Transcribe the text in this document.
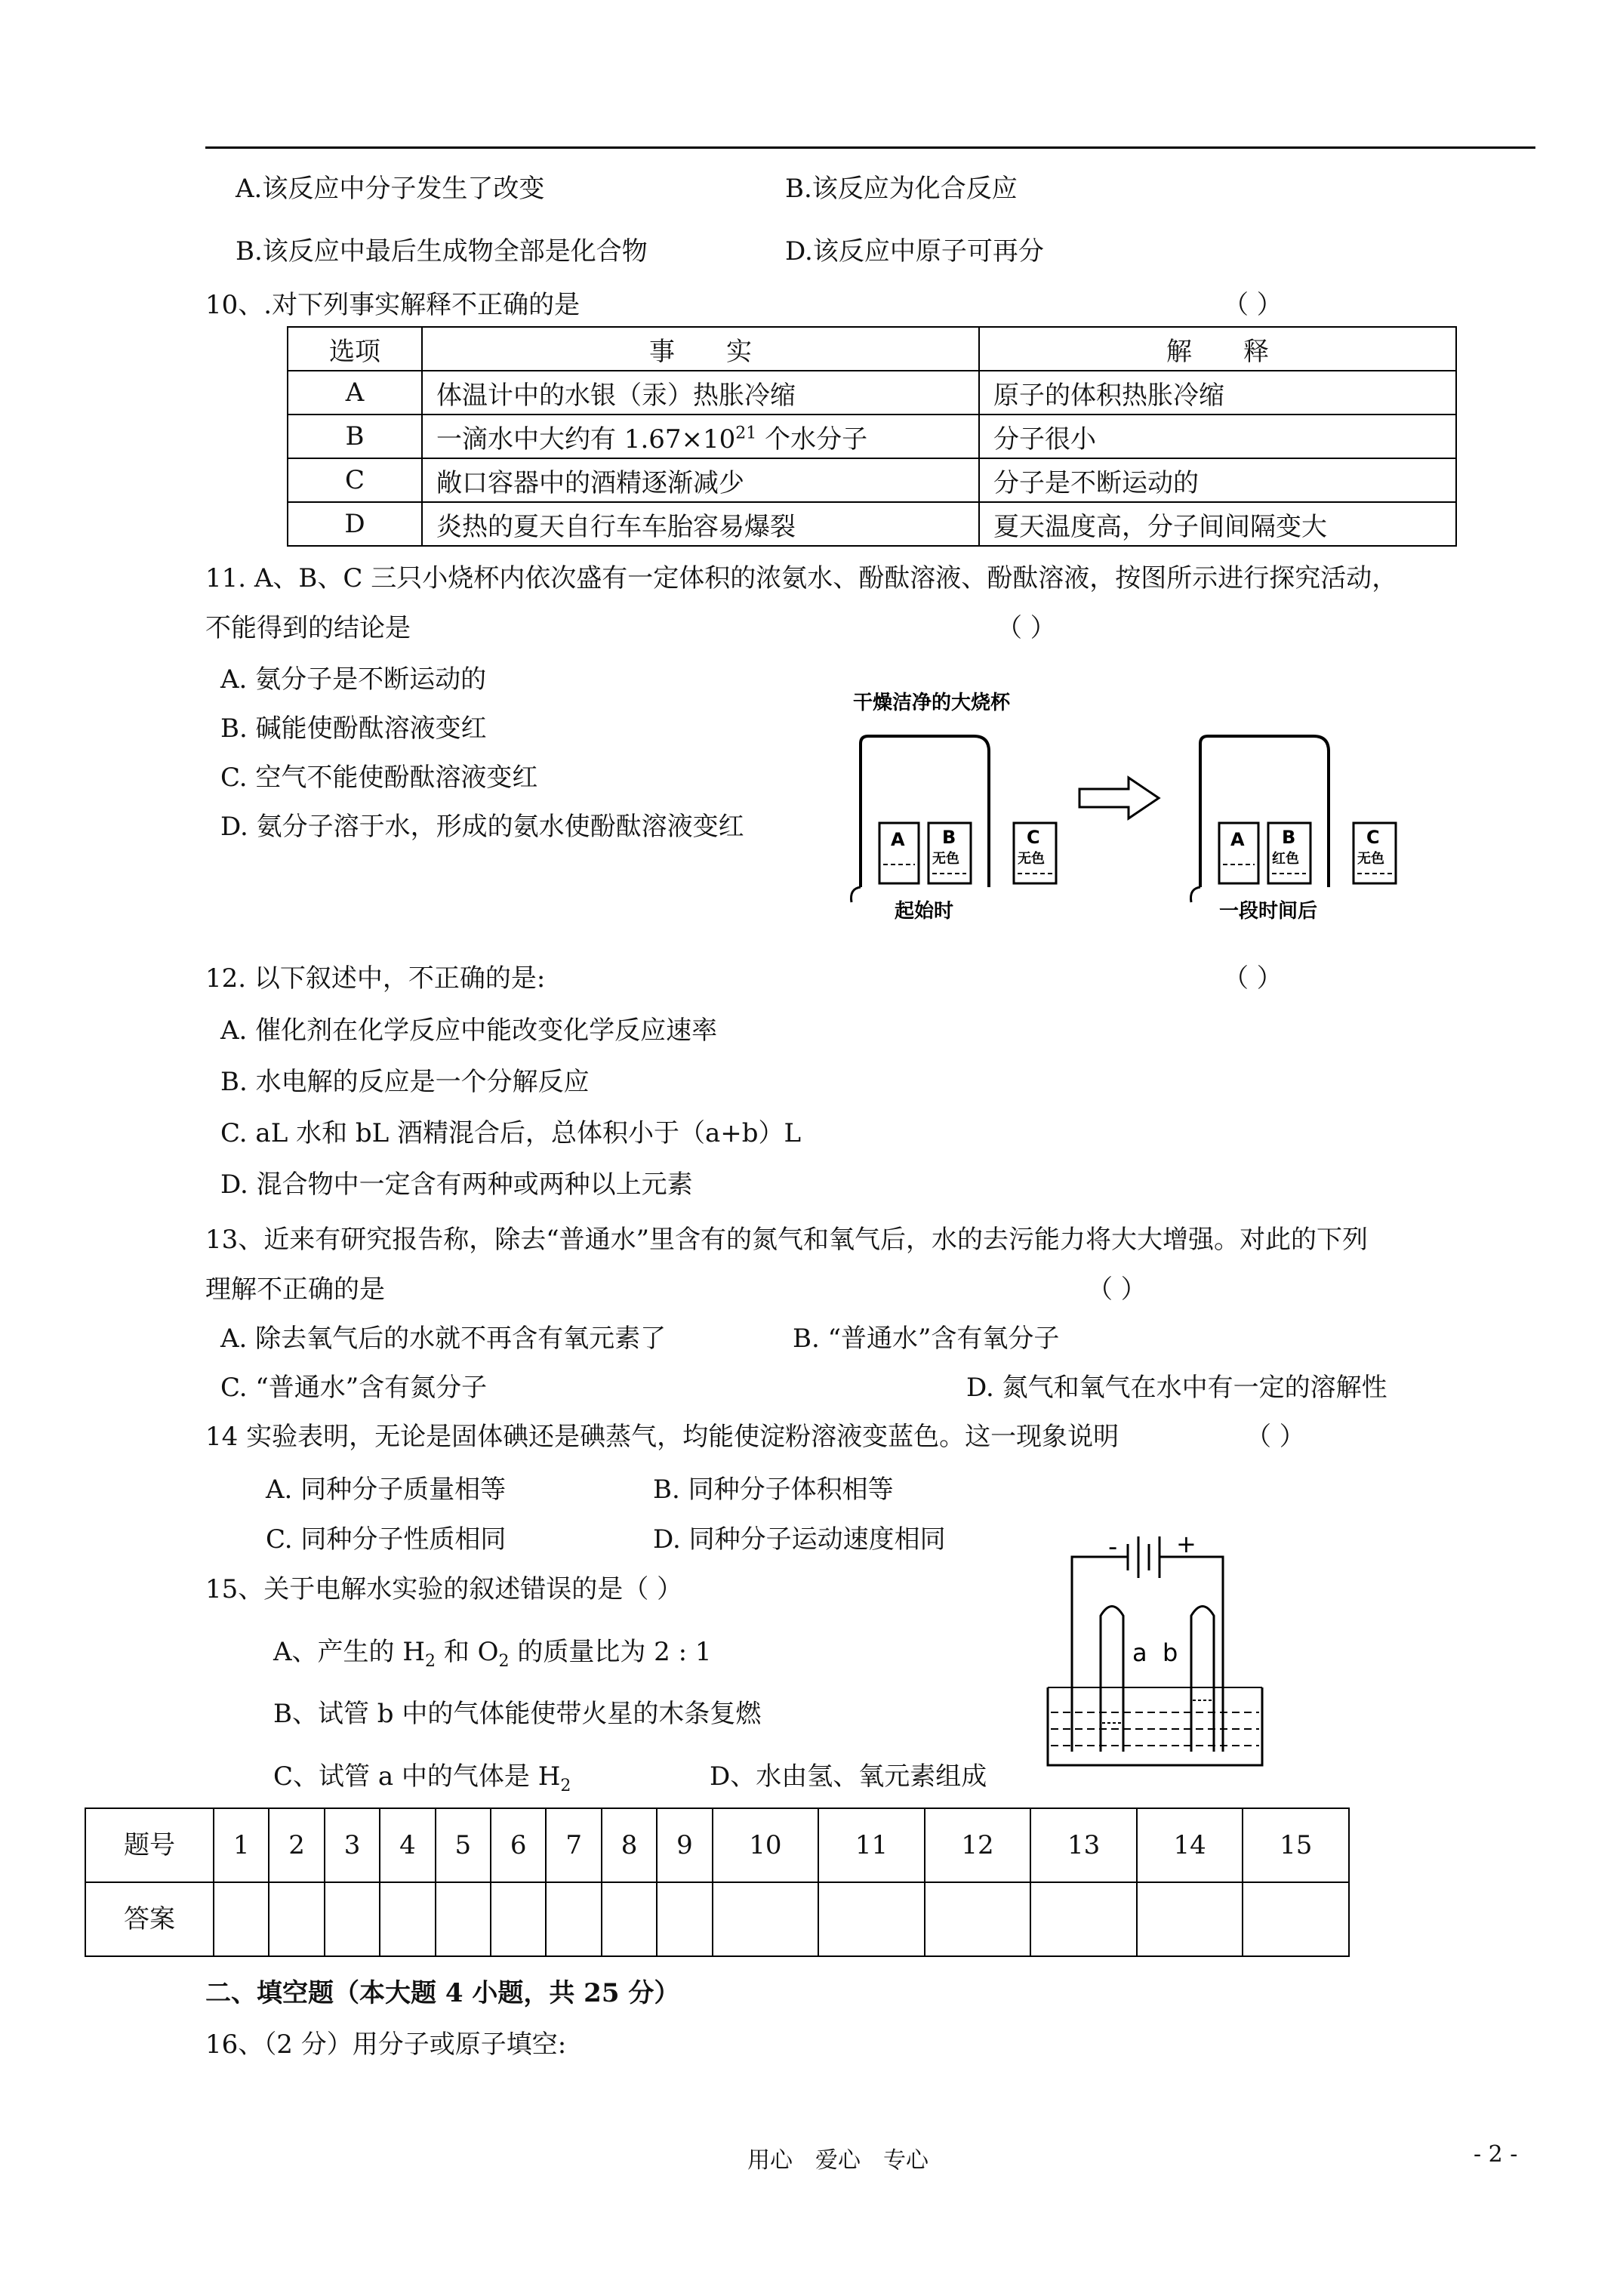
A.该反应中分子发生了改变	B.该反应为化合反应
B.该反应中最后生成物全部是化合物	D.该反应中原子可再分
10、.对下列事实解释不正确的是	（ ）
选项	事　　实	解　　释
A	体温计中的水银（汞）热胀冷缩	原子的体积热胀冷缩
B	一滴水中大约有 $1.67\times 10^{21}$ 个水分子	分子很小
C	敞口容器中的酒精逐渐减少	分子是不断运动的
D	炎热的夏天自行车车胎容易爆裂	夏天温度高，分子间间隔变大
11. A、B、C 三只小烧杯内依次盛有一定体积的浓氨水、酚酞溶液、酚酞溶液，按图所示进行探究活动，
不能得到的结论是	（ ）
A. 氨分子是不断运动的
B. 碱能使酚酞溶液变红
C. 空气不能使酚酞溶液变红
D. 氨分子溶于水，形成的氨水使酚酞溶液变红
干燥洁净的大烧杯
A B
无色
C
无色
起始时
A B
红色
C
无色
一段时间后
12. 以下叙述中，不正确的是:	（ ）
A. 催化剂在化学反应中能改变化学反应速率
B. 水电解的反应是一个分解反应
C. aL 水和 bL 酒精混合后，总体积小于（a+b）L
D. 混合物中一定含有两种或两种以上元素
13、近来有研究报告称，除去“普通水”里含有的氮气和氧气后，水的去污能力将大大增强。对此的下列
理解不正确的是	（ ）
A. 除去氧气后的水就不再含有氧元素了	B. “普通水”含有氧分子
C. “普通水”含有氮分子	D. 氮气和氧气在水中有一定的溶解性
14 实验表明，无论是固体碘还是碘蒸气，均能使淀粉溶液变蓝色。这一现象说明	（ ）
A. 同种分子质量相等	B. 同种分子体积相等
C. 同种分子性质相同	D. 同种分子运动速度相同
15、关于电解水实验的叙述错误的是（ ）
A、产生的 $H_2$ 和 $O_2$ 的质量比为 2 : 1
B、试管 b 中的气体能使带火星的木条复燃
C、试管 a 中的气体是 $H_2$	D、水由氢、氧元素组成
- +
a b
题号	1	2	3	4	5	6	7	8	9	10	11	12	13	14	15
答案															
二、填空题（本大题 4 小题，共 25 分）
16、（2 分）用分子或原子填空:
用心　爱心　专心	- 2 -
